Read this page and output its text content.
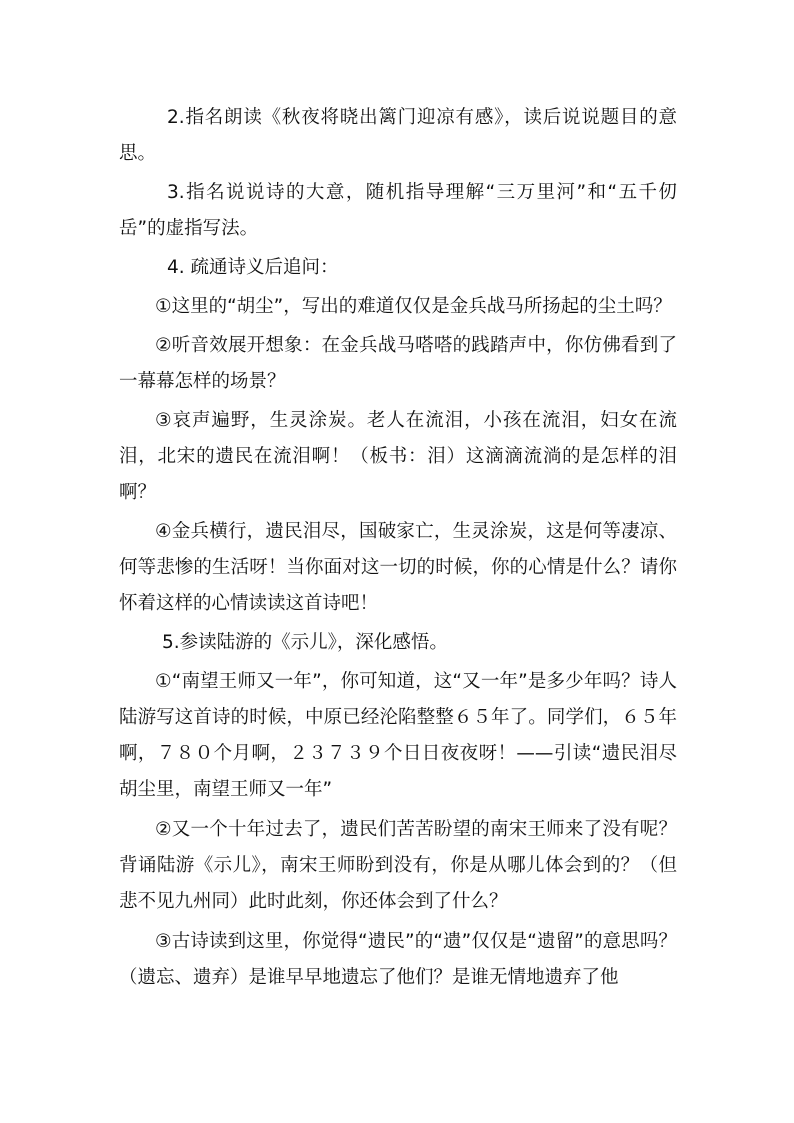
2.指名朗读《秋夜将晓出篱门迎凉有感》，读后说说题目的意思。

3.指名说说诗的大意，随机指导理解“三万里河”和“五千仞岳”的虚指写法。

4. 疏通诗义后追问：

①这里的“胡尘”，写出的难道仅仅是金兵战马所扬起的尘土吗？

②听音效展开想象：在金兵战马嗒嗒的践踏声中，你仿佛看到了一幕幕怎样的场景？

③哀声遍野，生灵涂炭。老人在流泪，小孩在流泪，妇女在流泪，北宋的遗民在流泪啊！（板书：泪）这滴滴流淌的是怎样的泪啊？

④金兵横行，遗民泪尽，国破家亡，生灵涂炭，这是何等凄凉、何等悲惨的生活呀！当你面对这一切的时候，你的心情是什么？请你怀着这样的心情读读这首诗吧！

5.参读陆游的《示儿》，深化感悟。

①“南望王师又一年”，你可知道，这“又一年”是多少年吗？诗人陆游写这首诗的时候，中原已经沦陷整整６５年了。同学们，６５年啊，７８０个月啊，２３７３９个日日夜夜呀！——引读“遗民泪尽胡尘里，南望王师又一年”

②又一个十年过去了，遗民们苦苦盼望的南宋王师来了没有呢？背诵陆游《示儿》，南宋王师盼到没有，你是从哪儿体会到的？（但悲不见九州同）此时此刻，你还体会到了什么？

③古诗读到这里，你觉得“遗民”的“遗”仅仅是“遗留”的意思吗？（遗忘、遗弃）是谁早早地遗忘了他们？是谁无情地遗弃了他
